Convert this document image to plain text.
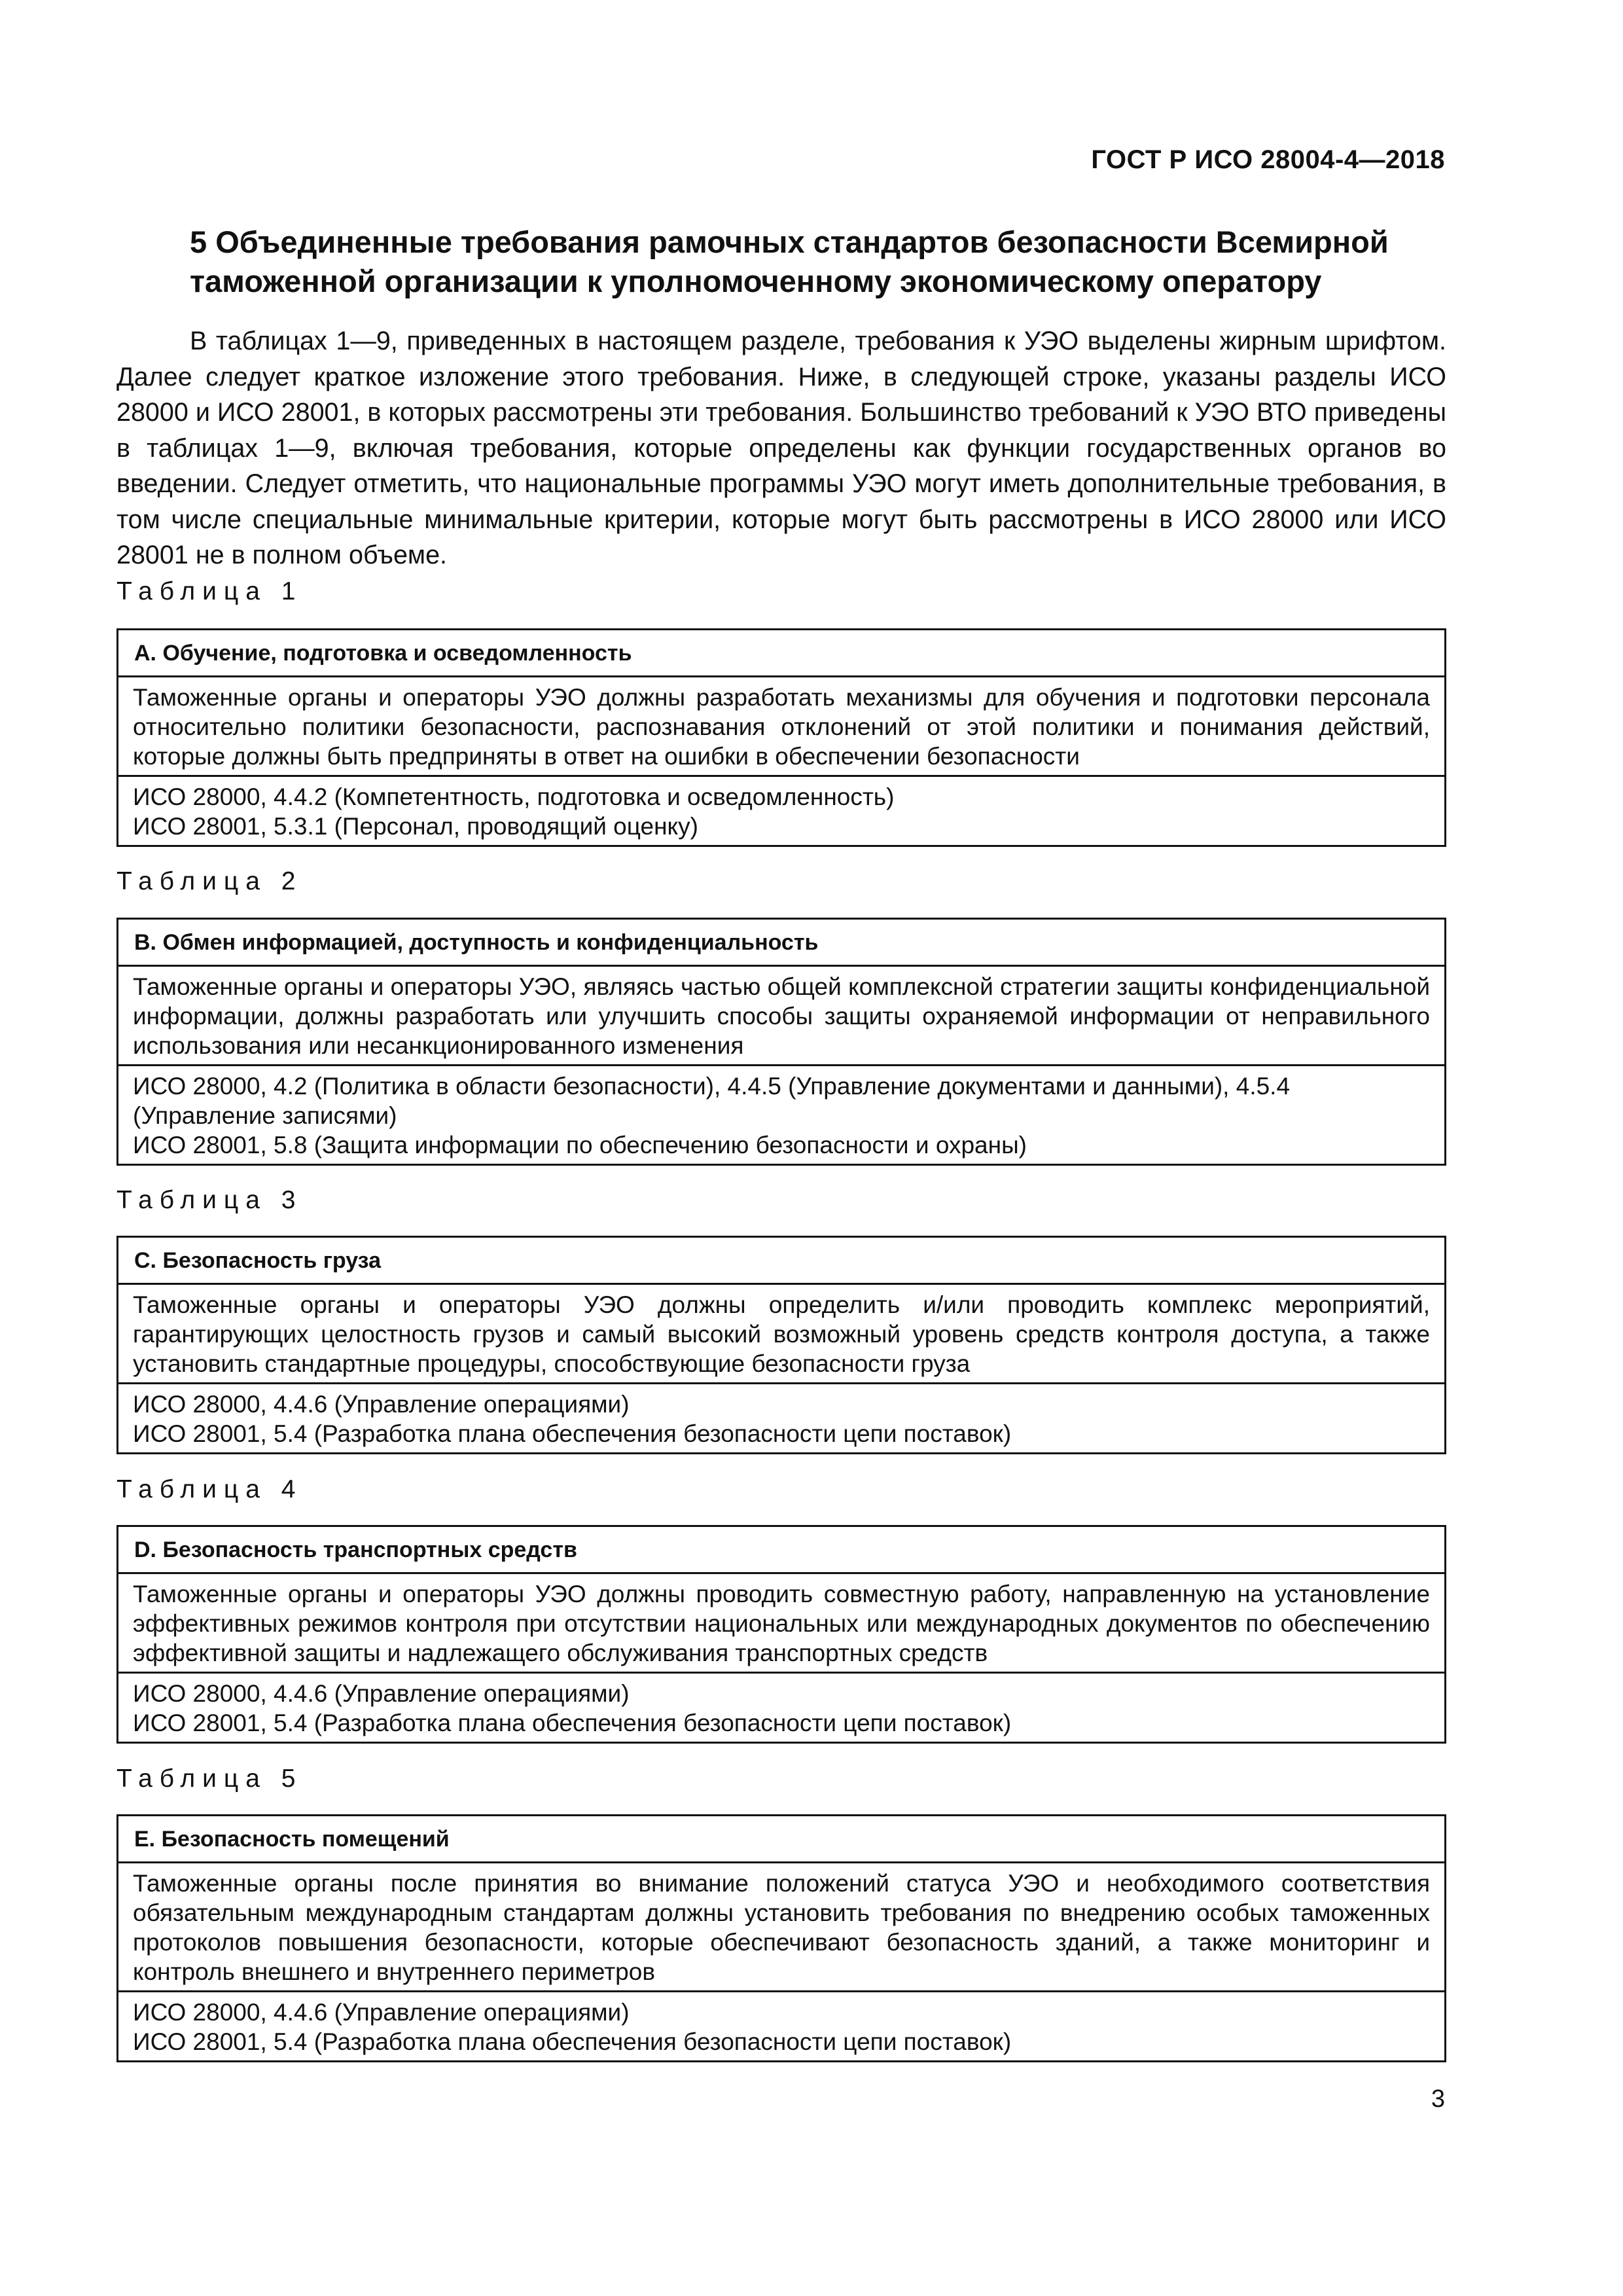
ГОСТ Р ИСО 28004-4—2018
5 Объединенные требования рамочных стандартов безопасности Всемирной таможенной организации к уполномоченному экономическому оператору

В таблицах 1—9, приведенных в настоящем разделе, требования к УЭО выделены жирным шрифтом. Далее следует краткое изложение этого требования. Ниже, в следующей строке, указаны разделы ИСО 28000 и ИСО 28001, в которых рассмотрены эти требования. Большинство требований к УЭО ВТО приведены в таблицах 1—9, включая требования, которые определены как функции государственных органов во введении. Следует отметить, что национальные программы УЭО могут иметь дополнительные требования, в том числе специальные минимальные критерии, которые могут быть рассмотрены в ИСО 28000 или ИСО 28001 не в полном объеме.

Таблица 1
A. Обучение, подготовка и осведомленность
Таможенные органы и операторы УЭО должны разработать механизмы для обучения и подготовки персонала относительно политики безопасности, распознавания отклонений от этой политики и понимания действий, которые должны быть предприняты в ответ на ошибки в обеспечении безопасности
ИСО 28000, 4.4.2 (Компетентность, подготовка и осведомленность)
ИСО 28001, 5.3.1 (Персонал, проводящий оценку)
Таблица 2
B. Обмен информацией, доступность и конфиденциальность
Таможенные органы и операторы УЭО, являясь частью общей комплексной стратегии защиты конфиденциальной информации, должны разработать или улучшить способы защиты охраняемой информации от неправильного использования или несанкционированного изменения
ИСО 28000, 4.2 (Политика в области безопасности), 4.4.5 (Управление документами и данными), 4.5.4 (Управление записями)
ИСО 28001, 5.8 (Защита информации по обеспечению безопасности и охраны)
Таблица 3
C. Безопасность груза
Таможенные органы и операторы УЭО должны определить и/или проводить комплекс мероприятий, гарантирующих целостность грузов и самый высокий возможный уровень средств контроля доступа, а также установить стандартные процедуры, способствующие безопасности груза
ИСО 28000, 4.4.6 (Управление операциями)
ИСО 28001, 5.4 (Разработка плана обеспечения безопасности цепи поставок)
Таблица 4
D. Безопасность транспортных средств
Таможенные органы и операторы УЭО должны проводить совместную работу, направленную на установление эффективных режимов контроля при отсутствии национальных или международных документов по обеспечению эффективной защиты и надлежащего обслуживания транспортных средств
ИСО 28000, 4.4.6 (Управление операциями)
ИСО 28001, 5.4 (Разработка плана обеспечения безопасности цепи поставок)
Таблица 5
E. Безопасность помещений
Таможенные органы после принятия во внимание положений статуса УЭО и необходимого соответствия обязательным международным стандартам должны установить требования по внедрению особых таможенных протоколов повышения безопасности, которые обеспечивают безопасность зданий, а также мониторинг и контроль внешнего и внутреннего периметров
ИСО 28000, 4.4.6 (Управление операциями)
ИСО 28001, 5.4 (Разработка плана обеспечения безопасности цепи поставок)
3
